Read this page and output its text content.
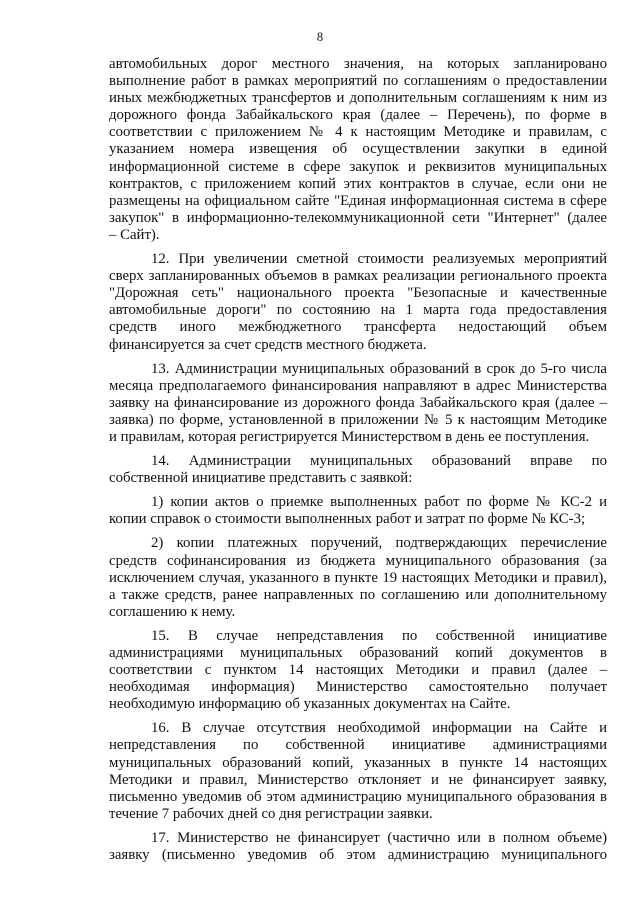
8
автомобильных дорог местного значения, на которых запланировано
выполнение работ в рамках мероприятий по соглашениям о предоставлении
иных межбюджетных трансфертов и дополнительным соглашениям к ним из
дорожного фонда Забайкальского края (далее – Перечень), по форме в
соответствии с приложением № 4 к настоящим Методике и правилам, с
указанием номера извещения об осуществлении закупки в единой
информационной системе в сфере закупок и реквизитов муниципальных
контрактов, с приложением копий этих контрактов в случае, если они не
размещены на официальном сайте "Единая информационная система в сфере
закупок" в информационно-телекоммуникационной сети "Интернет" (далее
– Сайт).
12. При увеличении сметной стоимости реализуемых мероприятий
сверх запланированных объемов в рамках реализации регионального проекта
"Дорожная сеть" национального проекта "Безопасные и качественные
автомобильные дороги" по состоянию на 1 марта года предоставления
средств иного межбюджетного трансферта недостающий объем
финансируется за счет средств местного бюджета.
13. Администрации муниципальных образований в срок до 5-го числа
месяца предполагаемого финансирования направляют в адрес Министерства
заявку на финансирование из дорожного фонда Забайкальского края (далее –
заявка) по форме, установленной в приложении № 5 к настоящим Методике
и правилам, которая регистрируется Министерством в день ее поступления.
14. Администрации муниципальных образований вправе по
собственной инициативе представить с заявкой:
1) копии актов о приемке выполненных работ по форме № КС-2 и
копии справок о стоимости выполненных работ и затрат по форме № КС-3;
2) копии платежных поручений, подтверждающих перечисление
средств софинансирования из бюджета муниципального образования (за
исключением случая, указанного в пункте 19 настоящих Методики и правил),
а также средств, ранее направленных по соглашению или дополнительному
соглашению к нему.
15. В случае непредставления по собственной инициативе
администрациями муниципальных образований копий документов в
соответствии с пунктом 14 настоящих Методики и правил (далее –
необходимая информация) Министерство самостоятельно получает
необходимую информацию об указанных документах на Сайте.
16. В случае отсутствия необходимой информации на Сайте и
непредставления по собственной инициативе администрациями
муниципальных образований копий, указанных в пункте 14 настоящих
Методики и правил, Министерство отклоняет и не финансирует заявку,
письменно уведомив об этом администрацию муниципального образования в
течение 7 рабочих дней со дня регистрации заявки.
17. Министерство не финансирует (частично или в полном объеме)
заявку (письменно уведомив об этом администрацию муниципального
